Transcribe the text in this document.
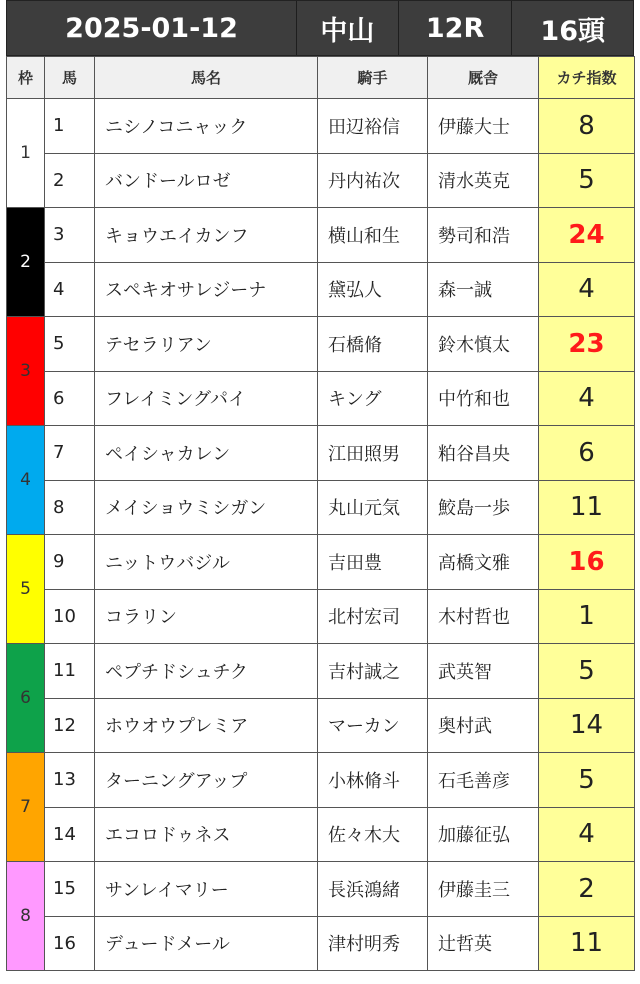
2025-01-12	中山	12R	16頭
枠	馬	馬名	騎手	厩舎	カチ指数
1	1	ニシノコニャック	田辺裕信	伊藤大士	8
	2	バンドールロゼ	丹内祐次	清水英克	5
2	3	キョウエイカンフ	横山和生	勢司和浩	24
	4	スペキオサレジーナ	黛弘人	森一誠	4
3	5	テセラリアン	石橋脩	鈴木慎太	23
	6	フレイミングパイ	キング	中竹和也	4
4	7	ペイシャカレン	江田照男	粕谷昌央	6
	8	メイショウミシガン	丸山元気	鮫島一歩	11
5	9	ニットウバジル	吉田豊	高橋文雅	16
	10	コラリン	北村宏司	木村哲也	1
6	11	ペプチドシュチク	吉村誠之	武英智	5
	12	ホウオウプレミア	マーカン	奥村武	14
7	13	ターニングアップ	小林脩斗	石毛善彦	5
	14	エコロドゥネス	佐々木大	加藤征弘	4
8	15	サンレイマリー	長浜鴻緒	伊藤圭三	2
	16	デュードメール	津村明秀	辻哲英	11
